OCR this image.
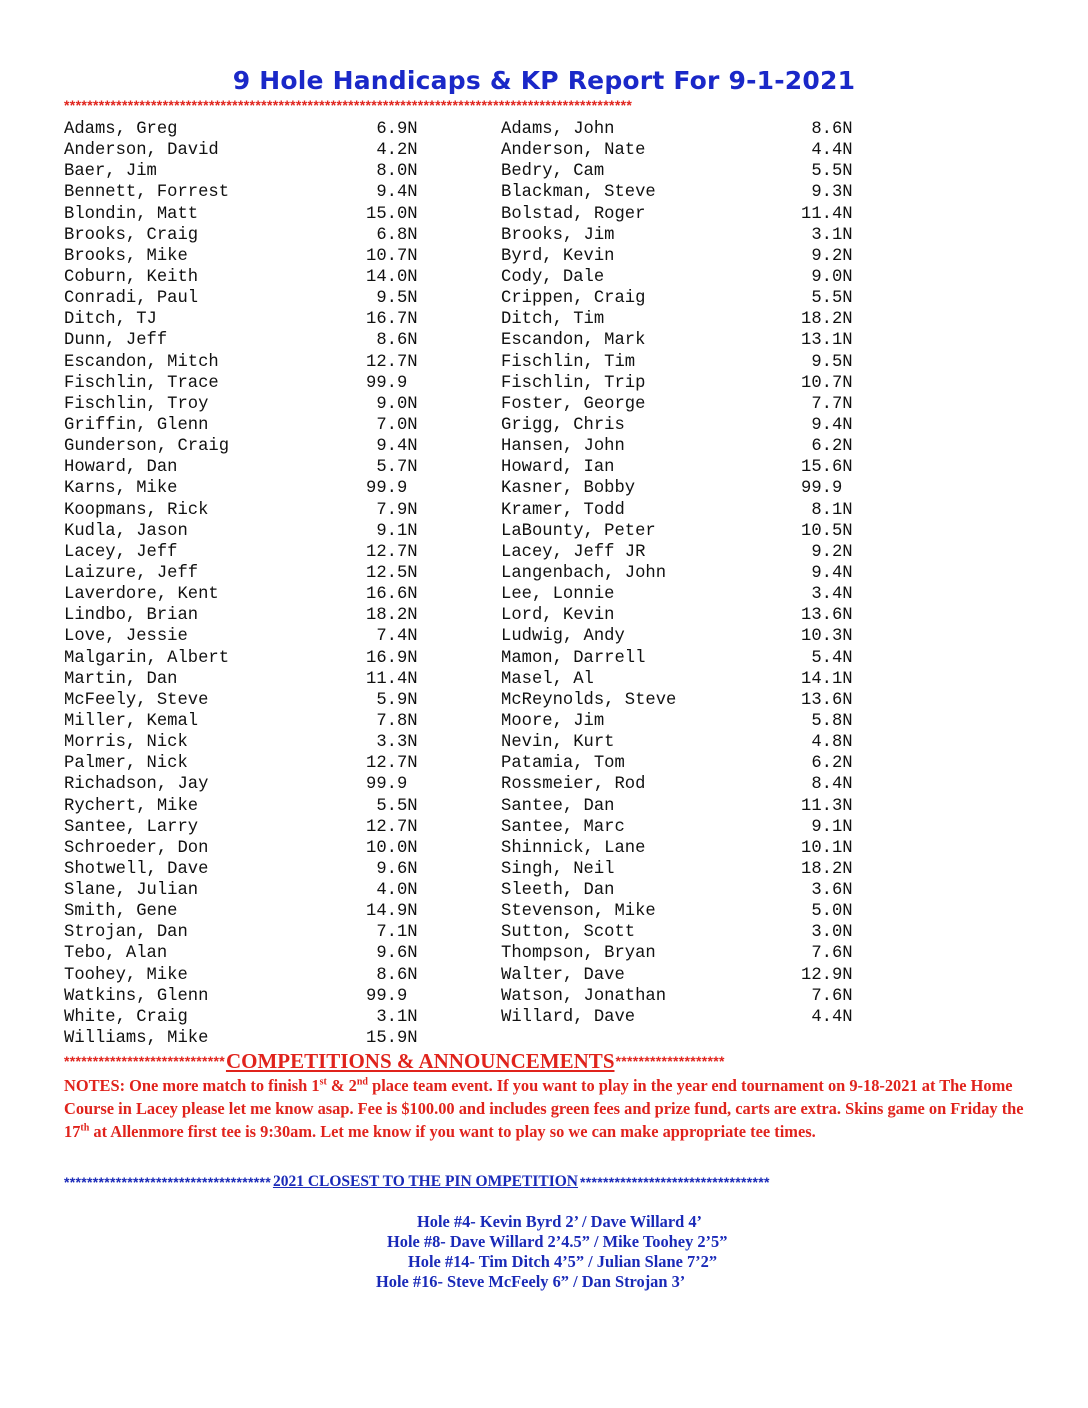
9 Hole Handicaps & KP Report For 9-1-2021
**************************************************************************************************
Adams, Greg	6.9N
Anderson, David	4.2N
Baer, Jim	8.0N
Bennett, Forrest	9.4N
Blondin, Matt	15.0N
Brooks, Craig	6.8N
Brooks, Mike	10.7N
Coburn, Keith	14.0N
Conradi, Paul	9.5N
Ditch, TJ	16.7N
Dunn, Jeff	8.6N
Escandon, Mitch	12.7N
Fischlin, Trace	99.9
Fischlin, Troy	9.0N
Griffin, Glenn	7.0N
Gunderson, Craig	9.4N
Howard, Dan	5.7N
Karns, Mike	99.9
Koopmans, Rick	7.9N
Kudla, Jason	9.1N
Lacey, Jeff	12.7N
Laizure, Jeff	12.5N
Laverdore, Kent	16.6N
Lindbo, Brian	18.2N
Love, Jessie	7.4N
Malgarin, Albert	16.9N
Martin, Dan	11.4N
McFeely, Steve	5.9N
Miller, Kemal	7.8N
Morris, Nick	3.3N
Palmer, Nick	12.7N
Richadson, Jay	99.9
Rychert, Mike	5.5N
Santee, Larry	12.7N
Schroeder, Don	10.0N
Shotwell, Dave	9.6N
Slane, Julian	4.0N
Smith, Gene	14.9N
Strojan, Dan	7.1N
Tebo, Alan	9.6N
Toohey, Mike	8.6N
Watkins, Glenn	99.9
White, Craig	3.1N
Williams, Mike	15.9N
Adams, John	8.6N
Anderson, Nate	4.4N
Bedry, Cam	5.5N
Blackman, Steve	9.3N
Bolstad, Roger	11.4N
Brooks, Jim	3.1N
Byrd, Kevin	9.2N
Cody, Dale	9.0N
Crippen, Craig	5.5N
Ditch, Tim	18.2N
Escandon, Mark	13.1N
Fischlin, Tim	9.5N
Fischlin, Trip	10.7N
Foster, George	7.7N
Grigg, Chris	9.4N
Hansen, John	6.2N
Howard, Ian	15.6N
Kasner, Bobby	99.9
Kramer, Todd	8.1N
LaBounty, Peter	10.5N
Lacey, Jeff JR	9.2N
Langenbach, John	9.4N
Lee, Lonnie	3.4N
Lord, Kevin	13.6N
Ludwig, Andy	10.3N
Mamon, Darrell	5.4N
Masel, Al	14.1N
McReynolds, Steve	13.6N
Moore, Jim	5.8N
Nevin, Kurt	4.8N
Patamia, Tom	6.2N
Rossmeier, Rod	8.4N
Santee, Dan	11.3N
Santee, Marc	9.1N
Shinnick, Lane	10.1N
Singh, Neil	18.2N
Sleeth, Dan	3.6N
Stevenson, Mike	5.0N
Sutton, Scott	3.0N
Thompson, Bryan	7.6N
Walter, Dave	12.9N
Watson, Jonathan	7.6N
Willard, Dave	4.4N
**************************** COMPETITIONS & ANNOUNCEMENTS *******************
NOTES: One more match to finish 1st & 2nd place team event. If you want to play in the year end tournament on 9-18-2021 at The Home Course in Lacey please let me know asap. Fee is $100.00 and includes green fees and prize fund, carts are extra. Skins game on Friday the 17th at Allenmore first tee is 9:30am. Let me know if you want to play so we can make appropriate tee times.
************************************ 2021 CLOSEST TO THE PIN OMPETITION *********************************
Hole #4- Kevin Byrd 2’ / Dave Willard 4’
Hole #8- Dave Willard 2’4.5” / Mike Toohey 2’5”
Hole #14- Tim Ditch 4’5” / Julian Slane 7’2”
Hole #16- Steve McFeely 6” / Dan Strojan 3’
